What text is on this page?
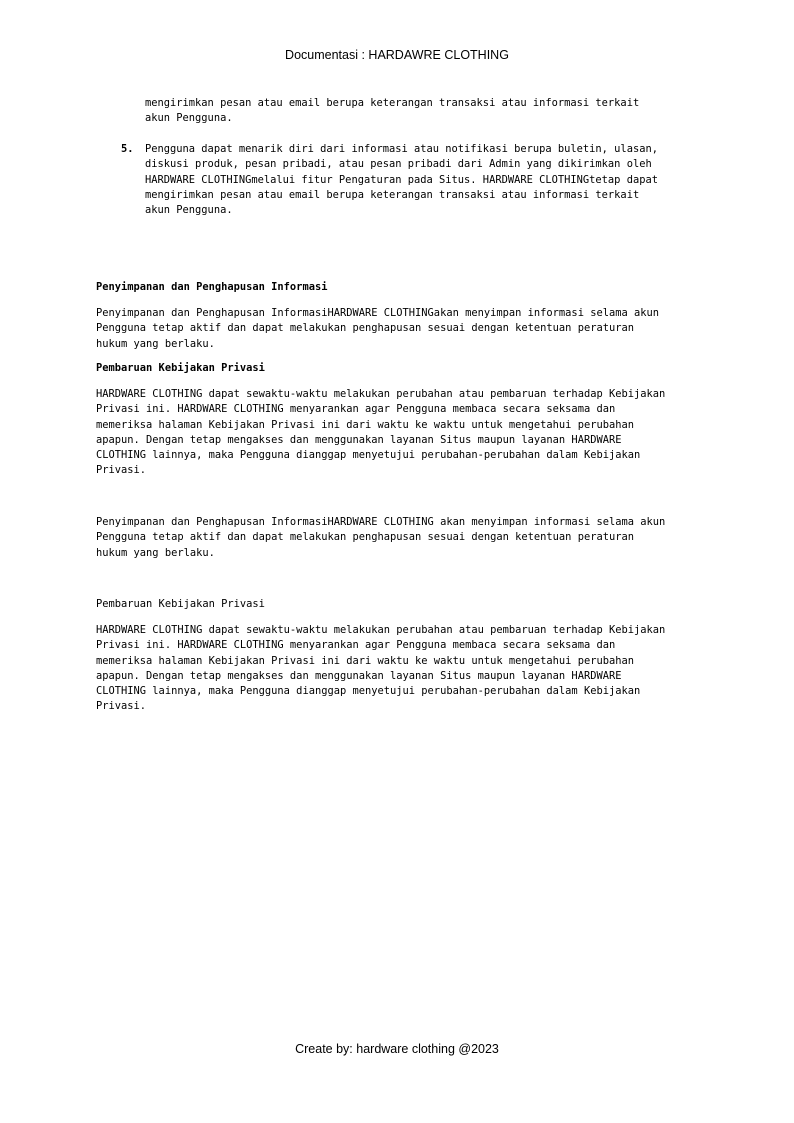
Documentasi : HARDAWRE CLOTHING
mengirimkan pesan atau email berupa keterangan transaksi atau informasi terkait
akun Pengguna.
5. Pengguna dapat menarik diri dari informasi atau notifikasi berupa buletin, ulasan,
diskusi produk, pesan pribadi, atau pesan pribadi dari Admin yang dikirimkan oleh
HARDWARE CLOTHINGmelalui fitur Pengaturan pada Situs. HARDWARE CLOTHINGtetap dapat
mengirimkan pesan atau email berupa keterangan transaksi atau informasi terkait
akun Pengguna.
Penyimpanan dan Penghapusan Informasi
Penyimpanan dan Penghapusan InformasiHARDWARE CLOTHINGakan menyimpan informasi selama akun
Pengguna tetap aktif dan dapat melakukan penghapusan sesuai dengan ketentuan peraturan
hukum yang berlaku.
Pembaruan Kebijakan Privasi
HARDWARE CLOTHING dapat sewaktu-waktu melakukan perubahan atau pembaruan terhadap Kebijakan
Privasi ini. HARDWARE CLOTHING menyarankan agar Pengguna membaca secara seksama dan
memeriksa halaman Kebijakan Privasi ini dari waktu ke waktu untuk mengetahui perubahan
apapun. Dengan tetap mengakses dan menggunakan layanan Situs maupun layanan HARDWARE
CLOTHING lainnya, maka Pengguna dianggap menyetujui perubahan-perubahan dalam Kebijakan
Privasi.
Penyimpanan dan Penghapusan InformasiHARDWARE CLOTHING akan menyimpan informasi selama akun
Pengguna tetap aktif dan dapat melakukan penghapusan sesuai dengan ketentuan peraturan
hukum yang berlaku.
Pembaruan Kebijakan Privasi
HARDWARE CLOTHING dapat sewaktu-waktu melakukan perubahan atau pembaruan terhadap Kebijakan
Privasi ini. HARDWARE CLOTHING menyarankan agar Pengguna membaca secara seksama dan
memeriksa halaman Kebijakan Privasi ini dari waktu ke waktu untuk mengetahui perubahan
apapun. Dengan tetap mengakses dan menggunakan layanan Situs maupun layanan HARDWARE
CLOTHING lainnya, maka Pengguna dianggap menyetujui perubahan-perubahan dalam Kebijakan
Privasi.
Create by: hardware clothing @2023
